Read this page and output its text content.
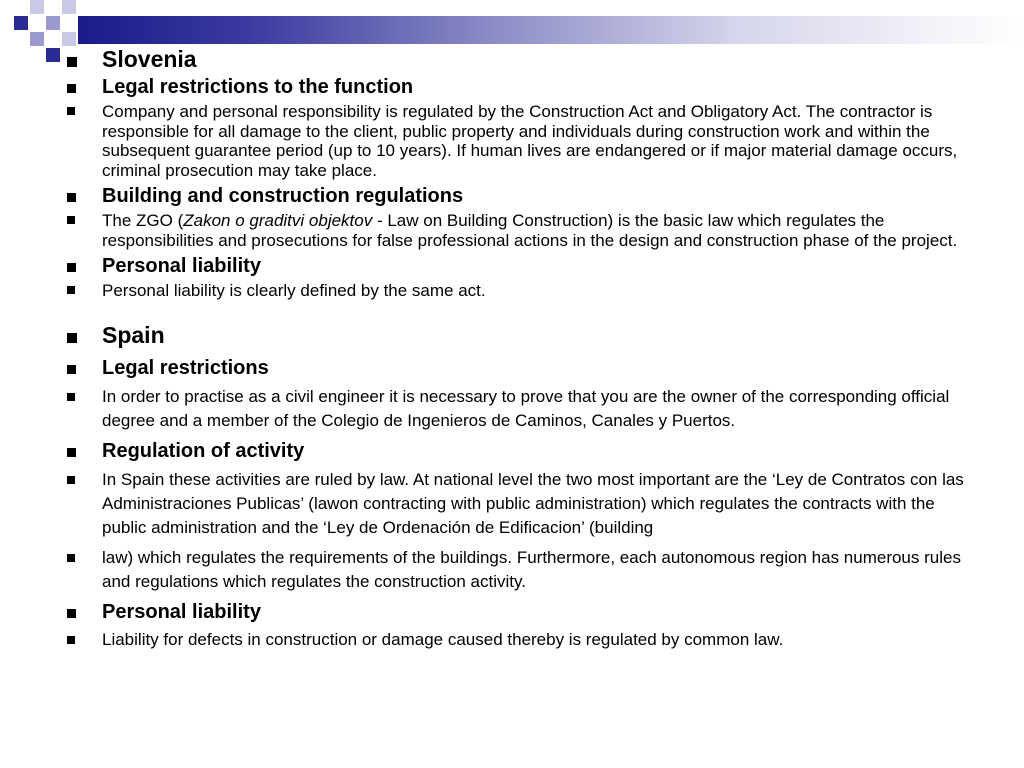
Slovenia
Legal restrictions to the function
Company and personal responsibility is regulated by the Construction Act and Obligatory Act. The contractor is responsible for all damage to the client, public property and individuals during construction work and within the subsequent guarantee period (up to 10 years). If human lives are endangered or if major material damage occurs, criminal prosecution may take place.
Building and construction regulations
The ZGO (Zakon o graditvi objektov - Law on Building Construction) is the basic law which regulates the responsibilities and prosecutions for false professional actions in the design and construction phase of the project.
Personal liability
Personal liability is clearly defined by the same act.
Spain
Legal restrictions
In order to practise as a civil engineer it is necessary to prove that you are the owner of the corresponding official degree and a member of the Colegio de Ingenieros de Caminos, Canales y Puertos.
Regulation of activity
In Spain these activities are ruled by law. At national level the two most important are the ‘Ley de Contratos con las Administraciones Publicas’ (lawon contracting with public administration) which regulates the contracts with the public administration and the ‘Ley de Ordenación de Edificacion’ (building
law) which regulates the requirements of the buildings. Furthermore, each autonomous region has numerous rules and regulations which regulates the construction activity.
Personal liability
Liability for defects in construction or damage caused thereby is regulated by common law.
